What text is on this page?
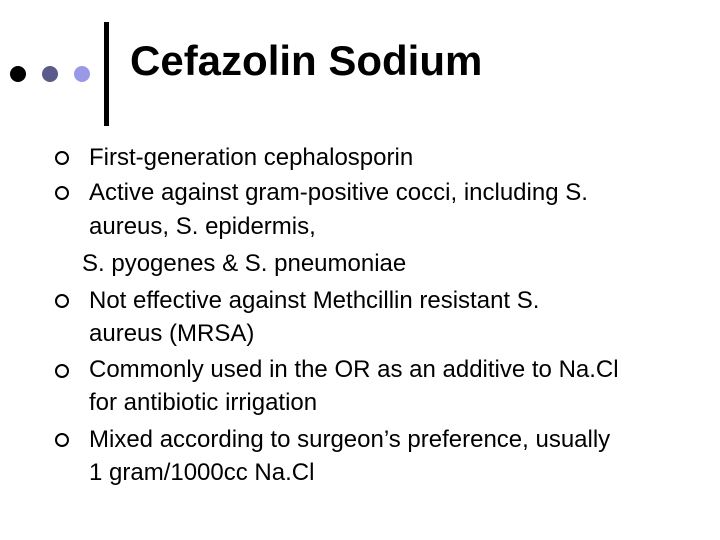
Cefazolin Sodium
First-generation cephalosporin
Active against gram-positive cocci, including S.
aureus, S. epidermis,
S. pyogenes & S. pneumoniae
Not effective against Methcillin resistant S.
aureus (MRSA)
Commonly used in the OR as an additive to Na.Cl
for antibiotic irrigation
Mixed according to surgeon’s preference, usually
1 gram/1000cc Na.Cl
